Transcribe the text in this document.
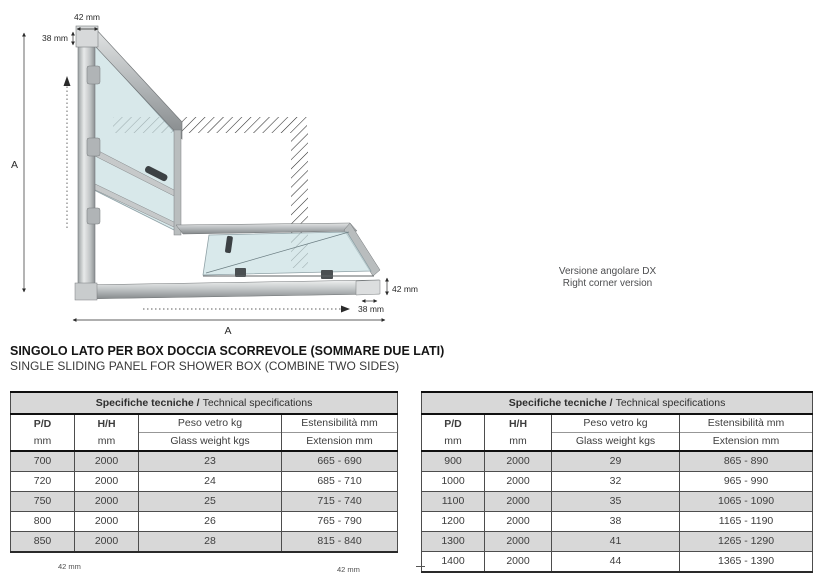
42 mm
38 mm
A
42 mm
38 mm
A
Versione angolare DX
Right corner version
SINGOLO LATO PER BOX DOCCIA SCORREVOLE (SOMMARE DUE LATI)
SINGLE SLIDING PANEL FOR SHOWER BOX (COMBINE TWO SIDES)
Specifiche tecniche / Technical specifications			

P/D
mm

H/H
mm

Peso vetro kg
Glass weight kgs

Estensibilità mm
Extension mm

700	2000	23	665 - 690
720	2000	24	685 - 710
750	2000	25	715 - 740
800	2000	26	765 - 790
850	2000	28	815 - 840
Specifiche tecniche / Technical specifications			

P/D
mm

H/H
mm

Peso vetro kg
Glass weight kgs

Estensibilità mm
Extension mm

900	2000	29	865 - 890
1000	2000	32	965 - 990
1100	2000	35	1065 - 1090
1200	2000	38	1165 - 1190
1300	2000	41	1265 - 1290
1400	2000	44	1365 - 1390
42 mm	42 mm
